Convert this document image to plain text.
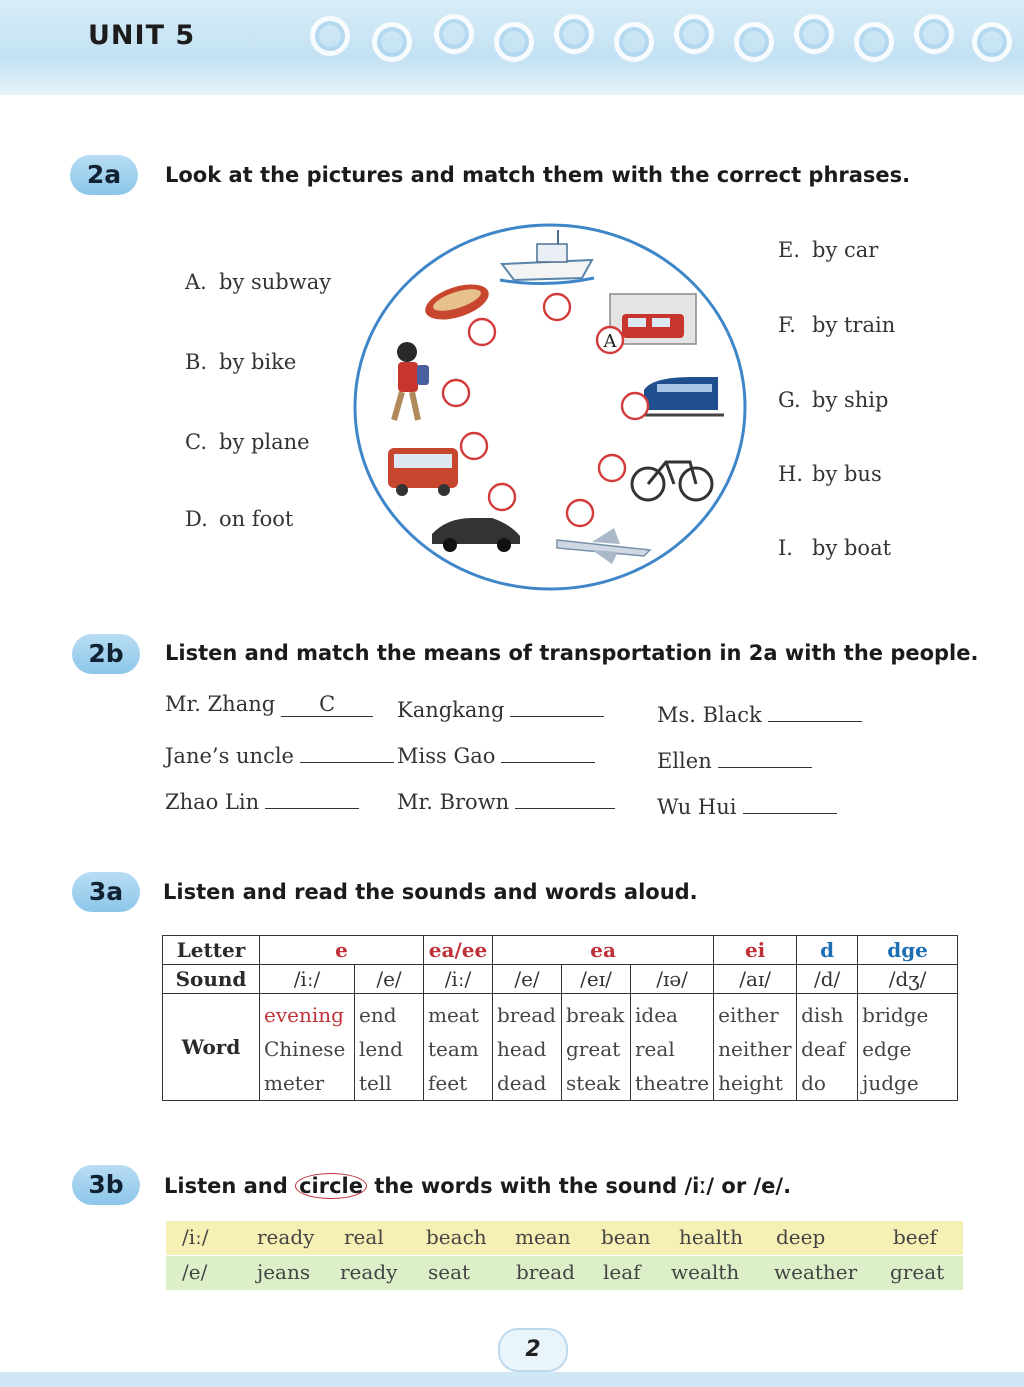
UNIT 5
2a	Look at the pictures and match them with the correct phrases.
A. by subway
B. by bike
C. by plane
D. on foot
E. by car
F. by train
G. by ship
H. by bus
I. by boat
A
2b	Listen and match the means of transportation in 2a with the people.
Mr. Zhang C	Kangkang	Ms. Black
Jane’s uncle	Miss Gao	Ellen
Zhao Lin	Mr. Brown	Wu Hui
3a	Listen and read the sounds and words aloud.
Letter	e		ea/ee	ea			ei	d	dge
Sound	/iː/	/e/	/iː/	/e/	/eɪ/	/ɪə/	/aɪ/	/d/	/dʒ/
Word	evening	end	meat	bread	break	idea	either	dish	bridge
	Chinese	lend	team	head	great	real	neither	deaf	edge
	meter	tell	feet	dead	steak	theatre	height	do	judge
3b	Listen and circle the words with the sound /iː/ or /e/.
/iː/ ready real beach mean bean health deep	beef
/e/ jeans ready seat bread leaf wealth weather great
2
